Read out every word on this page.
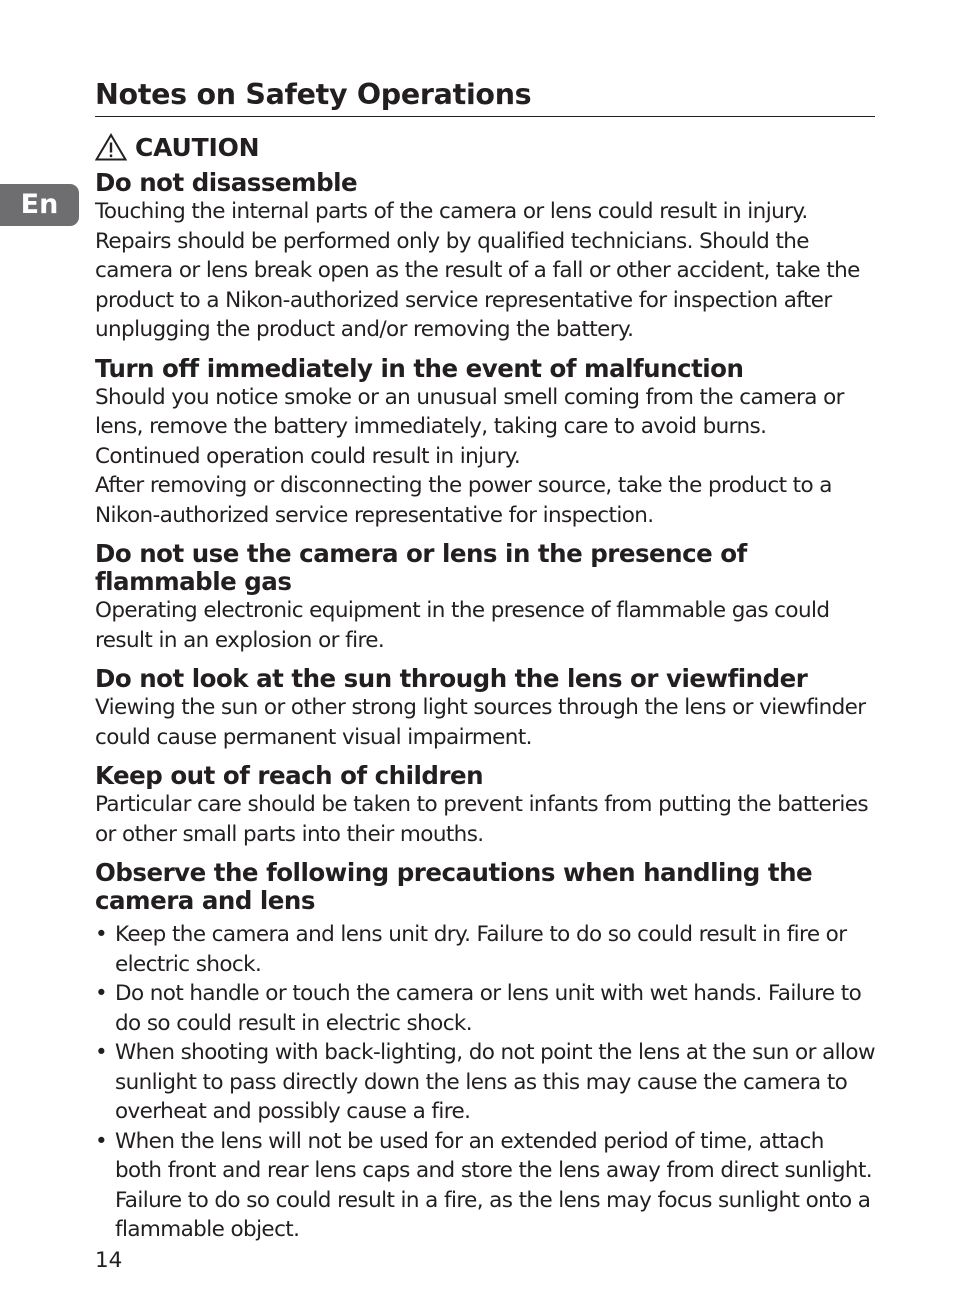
En
Notes on Safety Operations
CAUTION
Do not disassemble

Touching the internal parts of the camera or lens could result in injury. Repairs should be performed only by qualified technicians. Should the camera or lens break open as the result of a fall or other accident, take the product to a Nikon-authorized service representative for inspection after unplugging the product and/or removing the battery.

Turn off immediately in the event of malfunction

Should you notice smoke or an unusual smell coming from the camera or lens, remove the battery immediately, taking care to avoid burns. Continued operation could result in injury.

After removing or disconnecting the power source, take the product to a Nikon-authorized service representative for inspection.

Do not use the camera or lens in the presence of flammable gas

Operating electronic equipment in the presence of flammable gas could result in an explosion or fire.

Do not look at the sun through the lens or viewfinder

Viewing the sun or other strong light sources through the lens or viewfinder could cause permanent visual impairment.

Keep out of reach of children

Particular care should be taken to prevent infants from putting the batteries or other small parts into their mouths.

Observe the following precautions when handling the camera and lens
• Keep the camera and lens unit dry. Failure to do so could result in fire or electric shock.
• Do not handle or touch the camera or lens unit with wet hands. Failure to do so could result in electric shock.
• When shooting with back-lighting, do not point the lens at the sun or allow sunlight to pass directly down the lens as this may cause the camera to overheat and possibly cause a fire.
• When the lens will not be used for an extended period of time, attach both front and rear lens caps and store the lens away from direct sunlight. Failure to do so could result in a fire, as the lens may focus sunlight onto a flammable object.
14
